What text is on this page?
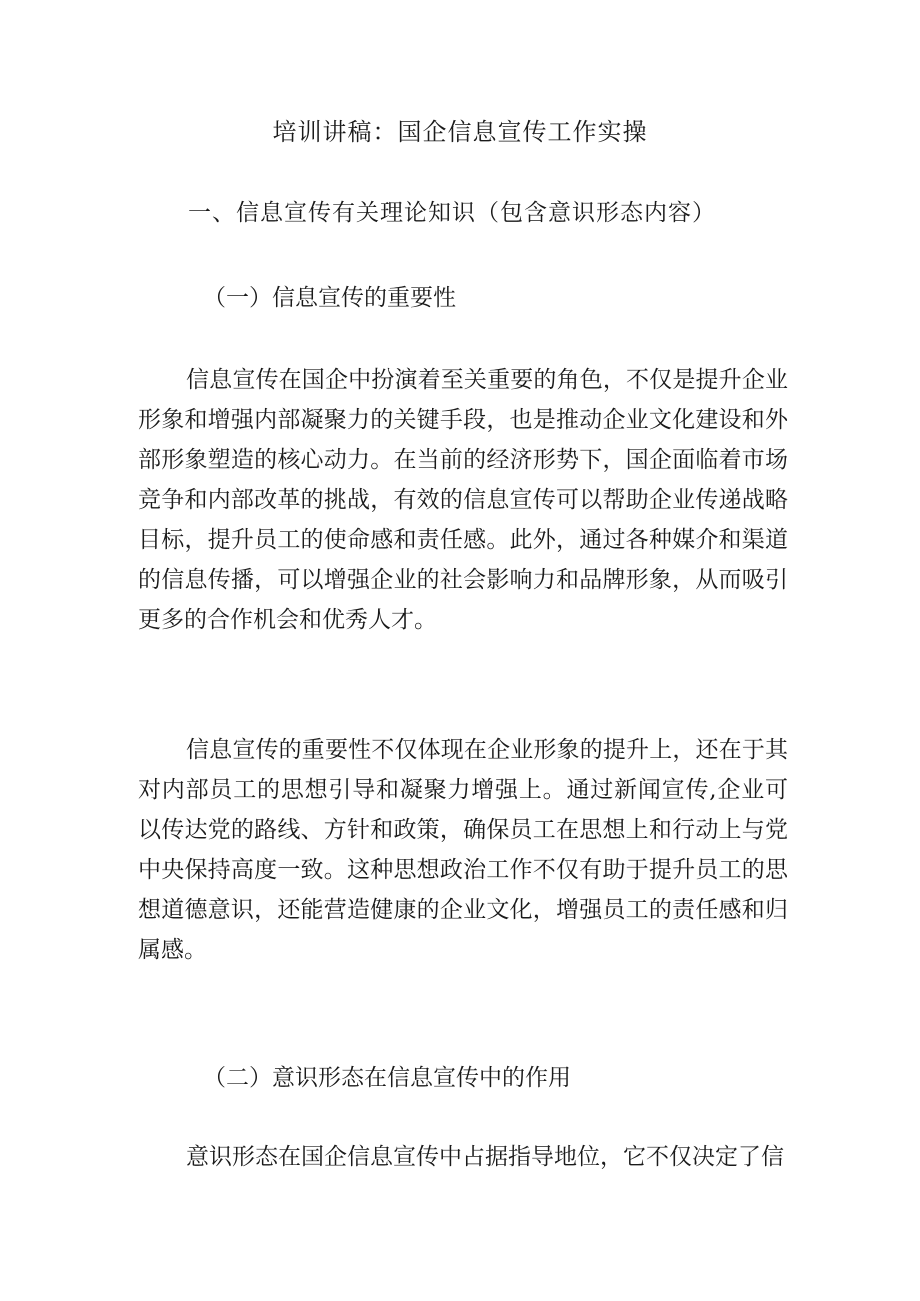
培训讲稿：国企信息宣传工作实操
一、信息宣传有关理论知识（包含意识形态内容）
（一）信息宣传的重要性

信息宣传在国企中扮演着至关重要的角色，不仅是提升企业形象和增强内部凝聚力的关键手段，也是推动企业文化建设和外部形象塑造的核心动力。在当前的经济形势下，国企面临着市场竞争和内部改革的挑战，有效的信息宣传可以帮助企业传递战略目标，提升员工的使命感和责任感。此外，通过各种媒介和渠道的信息传播，可以增强企业的社会影响力和品牌形象，从而吸引更多的合作机会和优秀人才。

信息宣传的重要性不仅体现在企业形象的提升上，还在于其对内部员工的思想引导和凝聚力增强上。通过新闻宣传,企业可以传达党的路线、方针和政策，确保员工在思想上和行动上与党中央保持高度一致。这种思想政治工作不仅有助于提升员工的思想道德意识，还能营造健康的企业文化，增强员工的责任感和归属感。

（二）意识形态在信息宣传中的作用

意识形态在国企信息宣传中占据指导地位，它不仅决定了信
